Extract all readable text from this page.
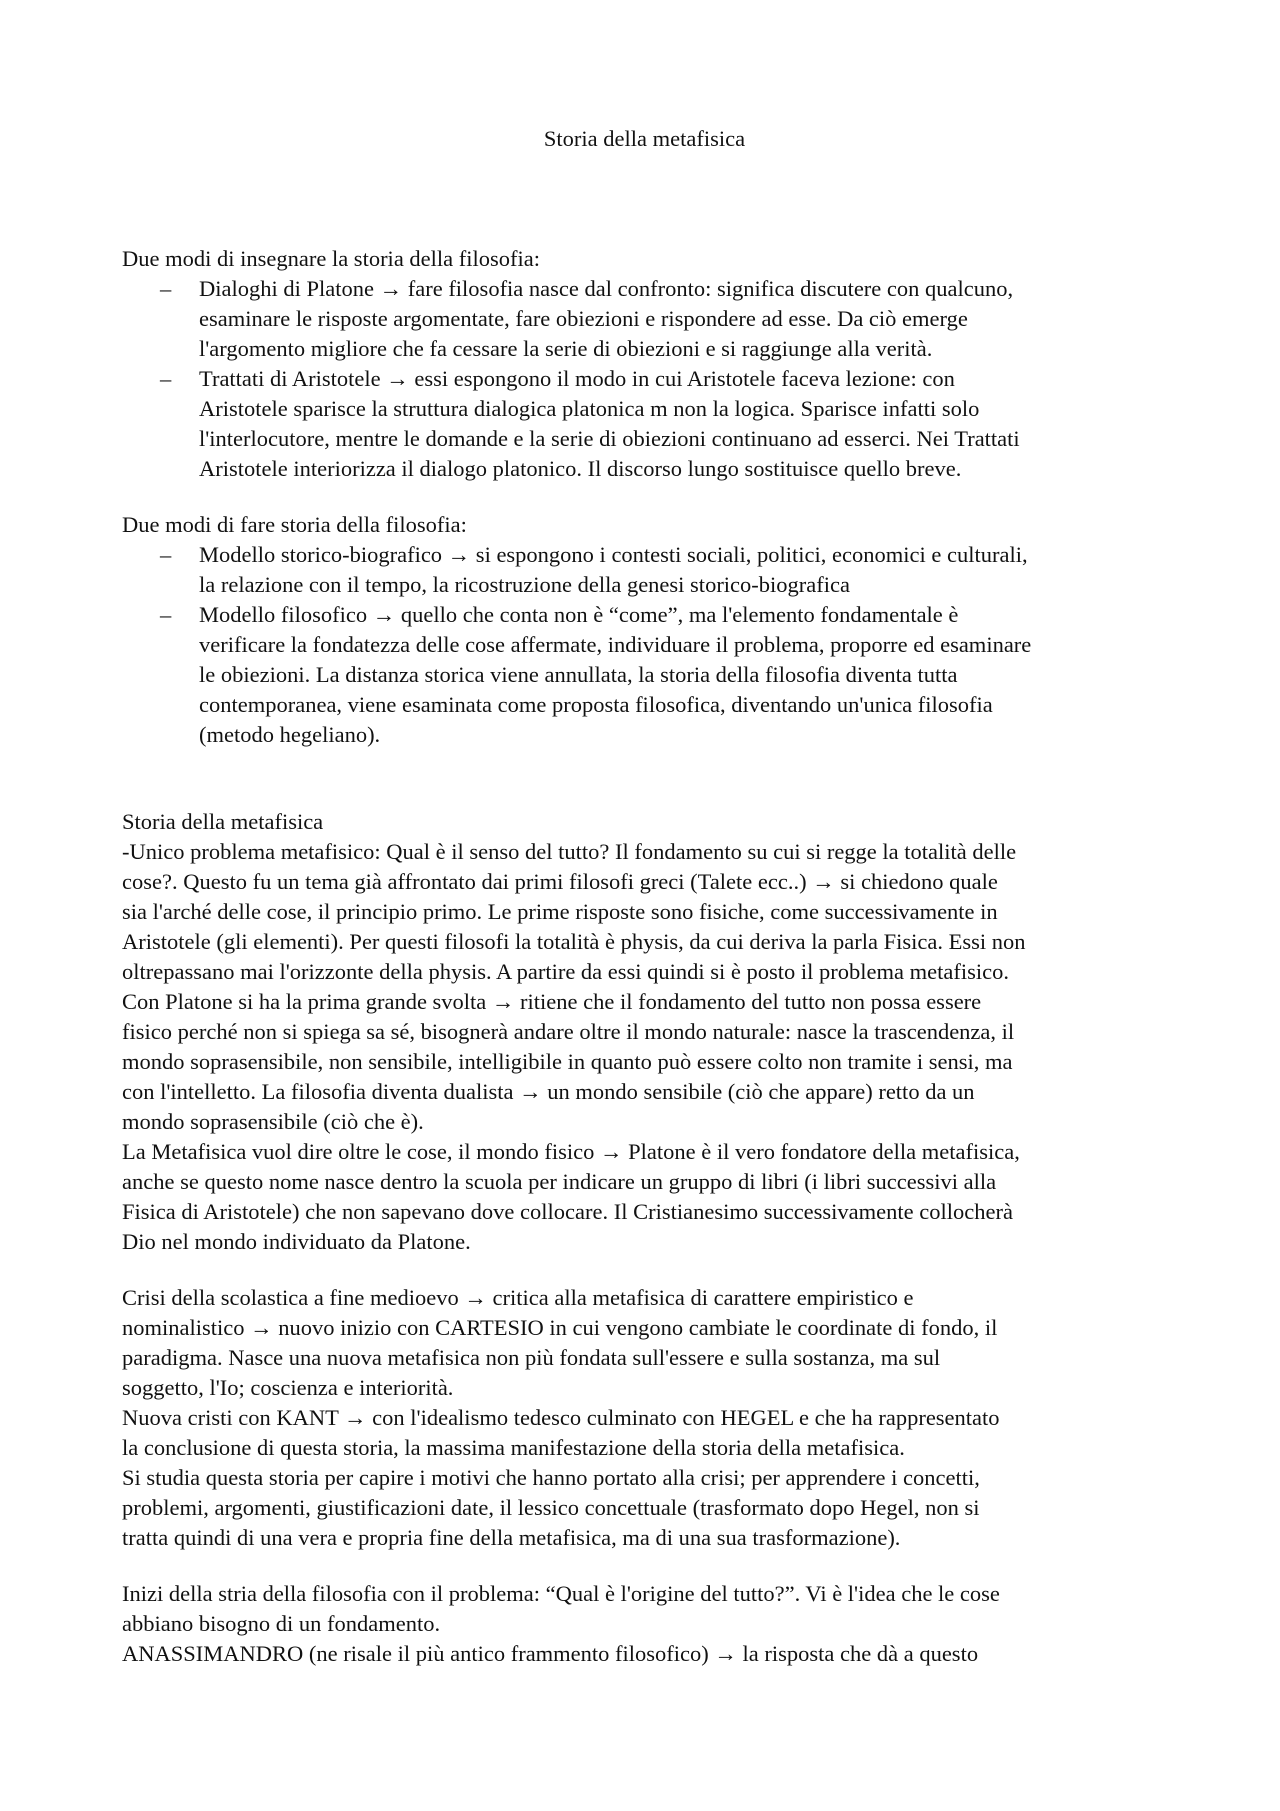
Storia della metafisica

Due modi di insegnare la storia della filosofia:

–	Dialoghi di Platone → fare filosofia nasce dal confronto: significa discutere con qualcuno,

esaminare le risposte argomentate, fare obiezioni e rispondere ad esse. Da ciò emerge

l'argomento migliore che fa cessare la serie di obiezioni e si raggiunge alla verità.

–	Trattati di Aristotele → essi espongono il modo in cui Aristotele faceva lezione: con

Aristotele sparisce la struttura dialogica platonica m non la logica. Sparisce infatti solo

l'interlocutore, mentre le domande e la serie di obiezioni continuano ad esserci. Nei Trattati

Aristotele interiorizza il dialogo platonico. Il discorso lungo sostituisce quello breve.

Due modi di fare storia della filosofia:

–	Modello storico-biografico → si espongono i contesti sociali, politici, economici e culturali,

la relazione con il tempo, la ricostruzione della genesi storico-biografica

–	Modello filosofico → quello che conta non è “come”, ma l'elemento fondamentale è

verificare la fondatezza delle cose affermate, individuare il problema, proporre ed esaminare

le obiezioni. La distanza storica viene annullata, la storia della filosofia diventa tutta

contemporanea, viene esaminata come proposta filosofica, diventando un'unica filosofia

(metodo hegeliano).

Storia della metafisica

-Unico problema metafisico: Qual è il senso del tutto? Il fondamento su cui si regge la totalità delle

cose?. Questo fu un tema già affrontato dai primi filosofi greci (Talete ecc..) → si chiedono quale

sia l'arché delle cose, il principio primo. Le prime risposte sono fisiche, come successivamente in

Aristotele (gli elementi). Per questi filosofi la totalità è physis, da cui deriva la parla Fisica. Essi non

oltrepassano mai l'orizzonte della physis. A partire da essi quindi si è posto il problema metafisico.

Con Platone si ha la prima grande svolta → ritiene che il fondamento del tutto non possa essere

fisico perché non si spiega sa sé, bisognerà andare oltre il mondo naturale: nasce la trascendenza, il

mondo soprasensibile, non sensibile, intelligibile in quanto può essere colto non tramite i sensi, ma

con l'intelletto. La filosofia diventa dualista → un mondo sensibile (ciò che appare) retto da un

mondo soprasensibile (ciò che è).

La Metafisica vuol dire oltre le cose, il mondo fisico → Platone è il vero fondatore della metafisica,

anche se questo nome nasce dentro la scuola per indicare un gruppo di libri (i libri successivi alla

Fisica di Aristotele) che non sapevano dove collocare. Il Cristianesimo successivamente collocherà

Dio nel mondo individuato da Platone.

Crisi della scolastica a fine medioevo → critica alla metafisica di carattere empiristico e

nominalistico → nuovo inizio con CARTESIO in cui vengono cambiate le coordinate di fondo, il

paradigma. Nasce una nuova metafisica non più fondata sull'essere e sulla sostanza, ma sul

soggetto, l'Io; coscienza e interiorità.

Nuova cristi con KANT → con l'idealismo tedesco culminato con HEGEL e che ha rappresentato

la conclusione di questa storia, la massima manifestazione della storia della metafisica.

Si studia questa storia per capire i motivi che hanno portato alla crisi; per apprendere i concetti,

problemi, argomenti, giustificazioni date, il lessico concettuale (trasformato dopo Hegel, non si

tratta quindi di una vera e propria fine della metafisica, ma di una sua trasformazione).

Inizi della stria della filosofia con il problema: “Qual è l'origine del tutto?”. Vi è l'idea che le cose

abbiano bisogno di un fondamento.

ANASSIMANDRO (ne risale il più antico frammento filosofico) → la risposta che dà a questo
